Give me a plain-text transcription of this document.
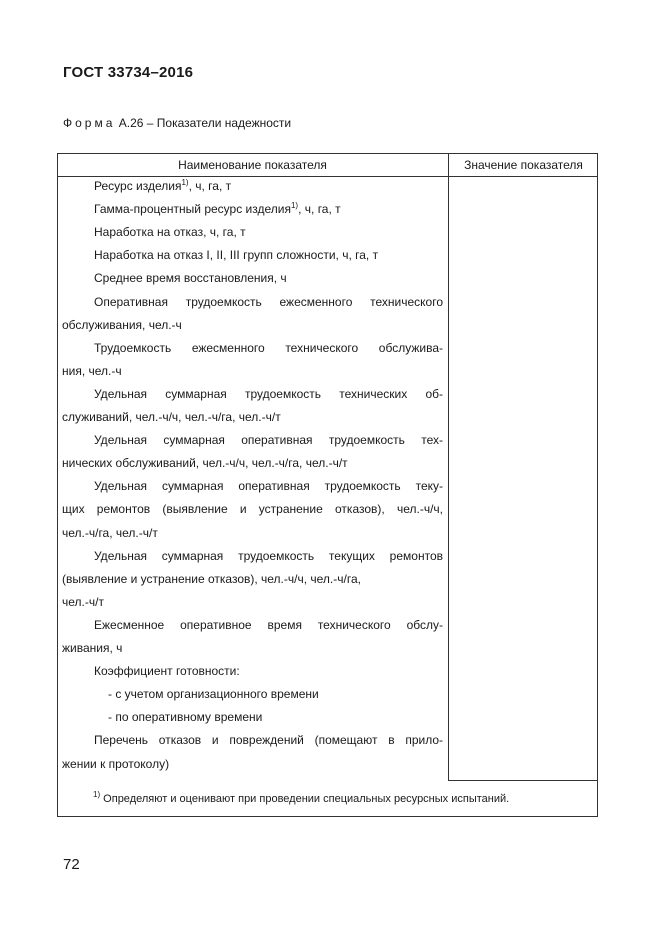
ГОСТ 33734–2016
Форма А.26 – Показатели надежности
Наименование показателя	Значение показателя
Ресурс изделия$^{1)}$, ч, га, т
Гамма-процентный ресурс изделия$^{1)}$, ч, га, т
Наработка на отказ, ч, га, т
Наработка на отказ I, II, III групп сложности, ч, га, т
Среднее время восстановления, ч
Оперативная трудоемкость ежесменного технического
обслуживания, чел.-ч
Трудоемкость ежесменного технического обслужива-
ния, чел.-ч
Удельная суммарная трудоемкость технических об-
служиваний, чел.-ч/ч, чел.-ч/га, чел.-ч/т
Удельная суммарная оперативная трудоемкость тех-
нических обслуживаний, чел.-ч/ч, чел.-ч/га, чел.-ч/т
Удельная суммарная оперативная трудоемкость теку-
щих ремонтов (выявление и устранение отказов), чел.-ч/ч,
чел.-ч/га, чел.-ч/т
Удельная суммарная трудоемкость текущих ремонтов
(выявление и устранение отказов), чел.-ч/ч, чел.-ч/га,
чел.-ч/т
Ежесменное оперативное время технического обслу-
живания, ч
Коэффициент готовности:
- с учетом организационного времени
- по оперативному времени
Перечень отказов и повреждений (помещают в прило-
жении к протоколу)
$^{1)}$ Определяют и оценивают при проведении специальных ресурсных испытаний.
72
